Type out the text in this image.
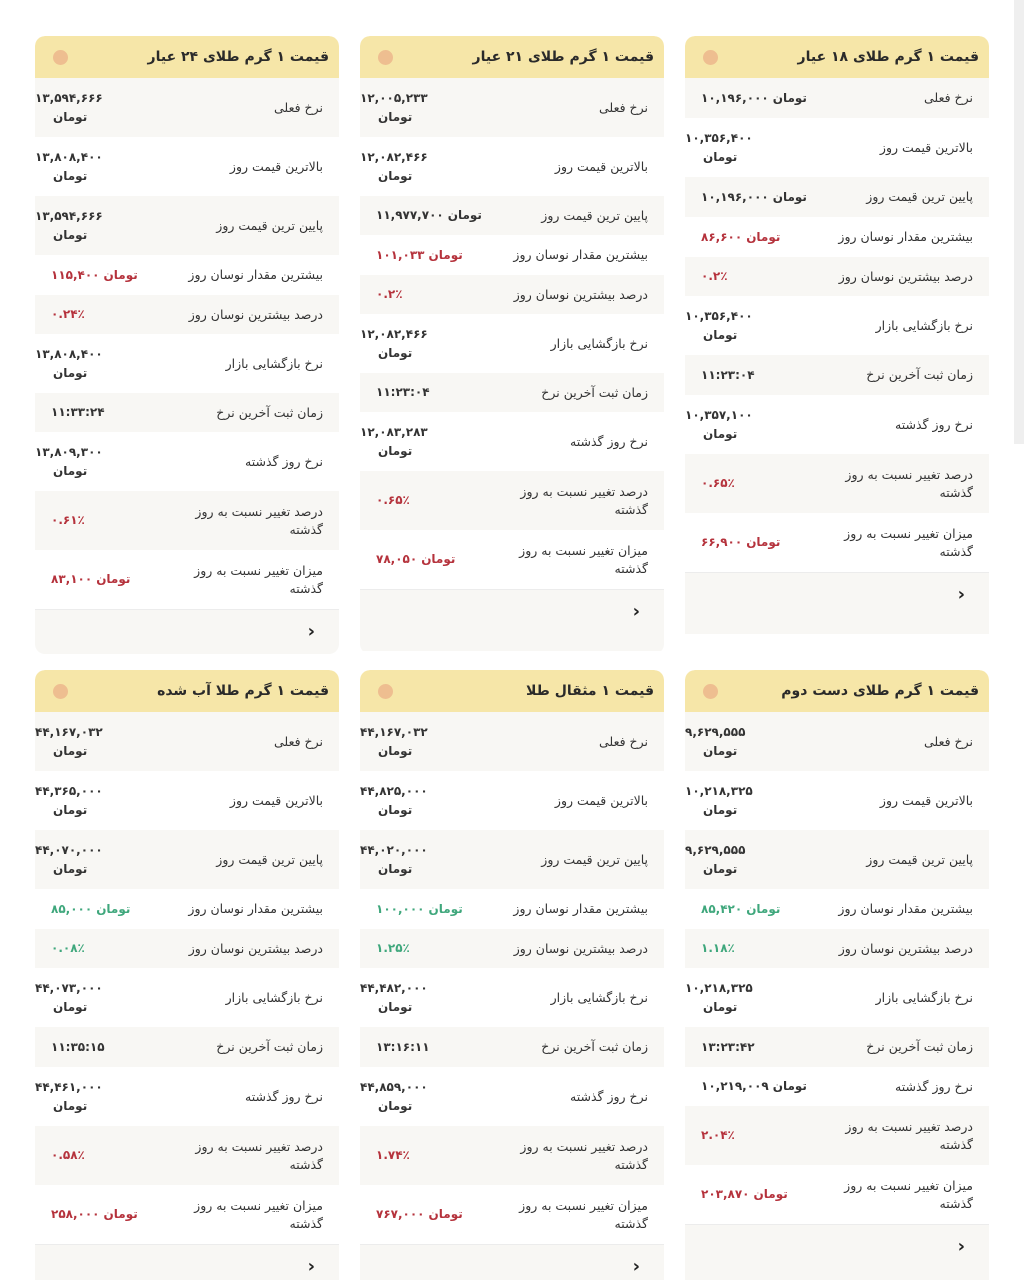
قیمت ۱ گرم طلای ۱۸ عیار
نرخ فعلی
۱۰,۱۹۶,۰۰۰ تومان
بالاترین قیمت روز
۱۰,۳۵۶,۴۰۰
تومان
پایین ترین قیمت روز
۱۰,۱۹۶,۰۰۰ تومان
بیشترین مقدار نوسان روز
۸۶,۶۰۰ تومان
درصد بیشترین نوسان روز
۰.۲٪
نرخ بازگشایی بازار
۱۰,۳۵۶,۴۰۰
تومان
زمان ثبت آخرین نرخ
۱۱:۲۳:۰۴
نرخ روز گذشته
۱۰,۳۵۷,۱۰۰
تومان
درصد تغییر نسبت به روز گذشته
۰.۶۵٪
میزان تغییر نسبت به روز گذشته
۶۶,۹۰۰ تومان
‹
قیمت ۱ گرم طلای ۲۱ عیار
نرخ فعلی
۱۲,۰۰۵,۲۳۳
تومان
بالاترین قیمت روز
۱۲,۰۸۲,۴۶۶
تومان
پایین ترین قیمت روز
۱۱,۹۷۷,۷۰۰ تومان
بیشترین مقدار نوسان روز
۱۰۱,۰۳۳ تومان
درصد بیشترین نوسان روز
۰.۲٪
نرخ بازگشایی بازار
۱۲,۰۸۲,۴۶۶
تومان
زمان ثبت آخرین نرخ
۱۱:۲۳:۰۴
نرخ روز گذشته
۱۲,۰۸۳,۲۸۳
تومان
درصد تغییر نسبت به روز گذشته
۰.۶۵٪
میزان تغییر نسبت به روز گذشته
۷۸,۰۵۰ تومان
‹
قیمت ۱ گرم طلای ۲۴ عیار
نرخ فعلی
۱۳,۵۹۴,۶۶۶
تومان
بالاترین قیمت روز
۱۳,۸۰۸,۴۰۰
تومان
پایین ترین قیمت روز
۱۳,۵۹۴,۶۶۶
تومان
بیشترین مقدار نوسان روز
۱۱۵,۴۰۰ تومان
درصد بیشترین نوسان روز
۰.۲۴٪
نرخ بازگشایی بازار
۱۳,۸۰۸,۴۰۰
تومان
زمان ثبت آخرین نرخ
۱۱:۳۳:۲۴
نرخ روز گذشته
۱۳,۸۰۹,۳۰۰
تومان
درصد تغییر نسبت به روز گذشته
۰.۶۱٪
میزان تغییر نسبت به روز گذشته
۸۳,۱۰۰ تومان
‹
قیمت ۱ گرم طلای دست دوم
نرخ فعلی
۹,۶۲۹,۵۵۵
تومان
بالاترین قیمت روز
۱۰,۲۱۸,۳۲۵
تومان
پایین ترین قیمت روز
۹,۶۲۹,۵۵۵
تومان
بیشترین مقدار نوسان روز
۸۵,۴۲۰ تومان
درصد بیشترین نوسان روز
۱.۱۸٪
نرخ بازگشایی بازار
۱۰,۲۱۸,۳۲۵
تومان
زمان ثبت آخرین نرخ
۱۳:۲۳:۴۲
نرخ روز گذشته
۱۰,۲۱۹,۰۰۹ تومان
درصد تغییر نسبت به روز گذشته
۲.۰۴٪
میزان تغییر نسبت به روز گذشته
۲۰۳,۸۷۰ تومان
‹
قیمت ۱ مثقال طلا
نرخ فعلی
۴۴,۱۶۷,۰۳۲
تومان
بالاترین قیمت روز
۴۴,۸۲۵,۰۰۰
تومان
پایین ترین قیمت روز
۴۴,۰۲۰,۰۰۰
تومان
بیشترین مقدار نوسان روز
۱۰۰,۰۰۰ تومان
درصد بیشترین نوسان روز
۱.۲۵٪
نرخ بازگشایی بازار
۴۴,۴۸۲,۰۰۰
تومان
زمان ثبت آخرین نرخ
۱۳:۱۶:۱۱
نرخ روز گذشته
۴۴,۸۵۹,۰۰۰
تومان
درصد تغییر نسبت به روز گذشته
۱.۷۴٪
میزان تغییر نسبت به روز گذشته
۷۶۷,۰۰۰ تومان
‹
قیمت ۱ گرم طلا آب شده
نرخ فعلی
۴۴,۱۶۷,۰۳۲
تومان
بالاترین قیمت روز
۴۴,۳۶۵,۰۰۰
تومان
پایین ترین قیمت روز
۴۴,۰۷۰,۰۰۰
تومان
بیشترین مقدار نوسان روز
۸۵,۰۰۰ تومان
درصد بیشترین نوسان روز
۰.۰۸٪
نرخ بازگشایی بازار
۴۴,۰۷۳,۰۰۰
تومان
زمان ثبت آخرین نرخ
۱۱:۳۵:۱۵
نرخ روز گذشته
۴۴,۴۶۱,۰۰۰
تومان
درصد تغییر نسبت به روز گذشته
۰.۵۸٪
میزان تغییر نسبت به روز گذشته
۲۵۸,۰۰۰ تومان
‹
